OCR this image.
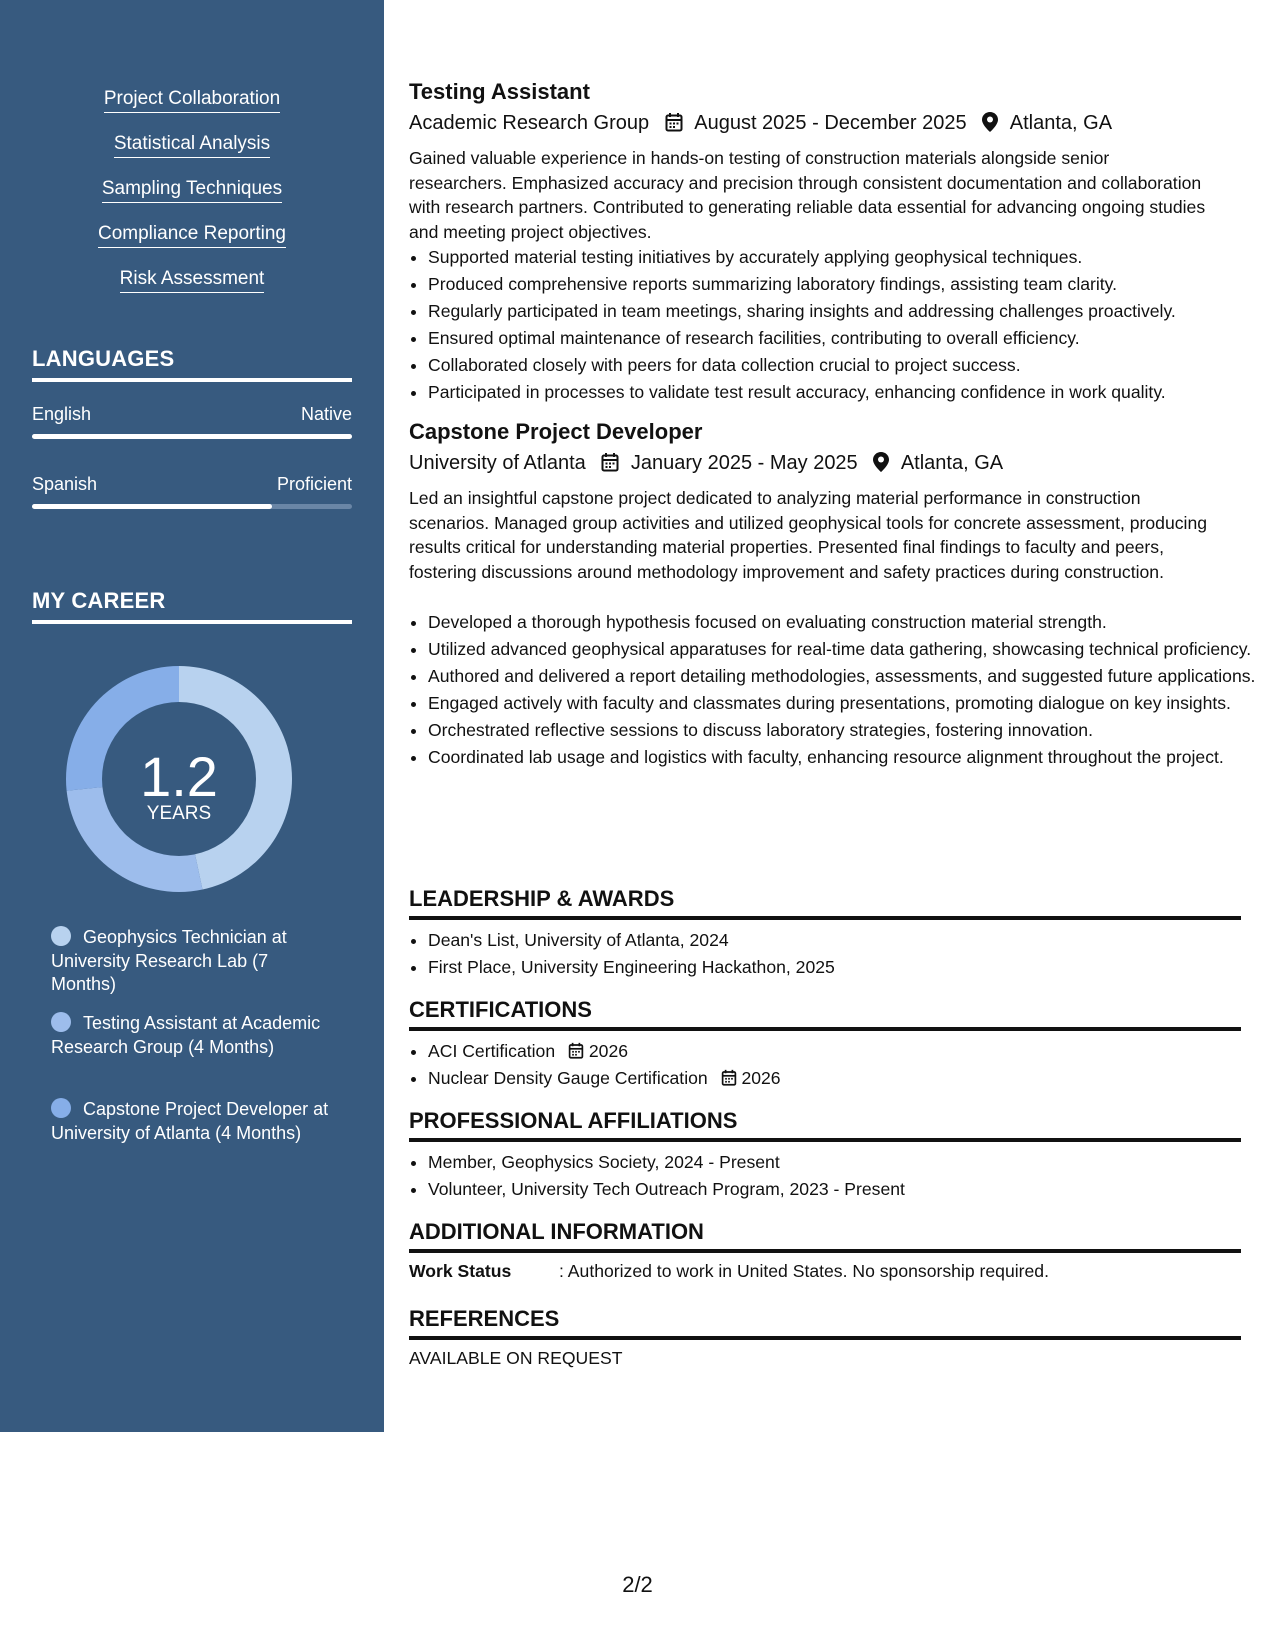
Project Collaboration
Statistical Analysis
Sampling Techniques
Compliance Reporting
Risk Assessment
LANGUAGES
English	Native
Spanish	Proficient
MY CAREER
1.2
YEARS
Geophysics Technician at University Research Lab (7 Months)
Testing Assistant at Academic Research Group (4 Months)
Capstone Project Developer at University of Atlanta (4 Months)
Testing Assistant
Academic Research Group August 2025 - December 2025 Atlanta, GA
Gained valuable experience in hands-on testing of construction materials alongside senior researchers. Emphasized accuracy and precision through consistent documentation and collaboration with research partners. Contributed to generating reliable data essential for advancing ongoing studies and meeting project objectives.
• Supported material testing initiatives by accurately applying geophysical techniques.
• Produced comprehensive reports summarizing laboratory findings, assisting team clarity.
• Regularly participated in team meetings, sharing insights and addressing challenges proactively.
• Ensured optimal maintenance of research facilities, contributing to overall efficiency.
• Collaborated closely with peers for data collection crucial to project success.
• Participated in processes to validate test result accuracy, enhancing confidence in work quality.
Capstone Project Developer
University of Atlanta January 2025 - May 2025 Atlanta, GA
Led an insightful capstone project dedicated to analyzing material performance in construction scenarios. Managed group activities and utilized geophysical tools for concrete assessment, producing results critical for understanding material properties. Presented final findings to faculty and peers, fostering discussions around methodology improvement and safety practices during construction.
• Developed a thorough hypothesis focused on evaluating construction material strength.
• Utilized advanced geophysical apparatuses for real-time data gathering, showcasing technical proficiency.
• Authored and delivered a report detailing methodologies, assessments, and suggested future applications.
• Engaged actively with faculty and classmates during presentations, promoting dialogue on key insights.
• Orchestrated reflective sessions to discuss laboratory strategies, fostering innovation.
• Coordinated lab usage and logistics with faculty, enhancing resource alignment throughout the project.
LEADERSHIP & AWARDS
• Dean's List, University of Atlanta, 2024
• First Place, University Engineering Hackathon, 2025
CERTIFICATIONS
• ACI Certification 2026
• Nuclear Density Gauge Certification 2026
PROFESSIONAL AFFILIATIONS
• Member, Geophysics Society, 2024 - Present
• Volunteer, University Tech Outreach Program, 2023 - Present
ADDITIONAL INFORMATION
Work Status	: Authorized to work in United States. No sponsorship required.
REFERENCES
AVAILABLE ON REQUEST
2/2
